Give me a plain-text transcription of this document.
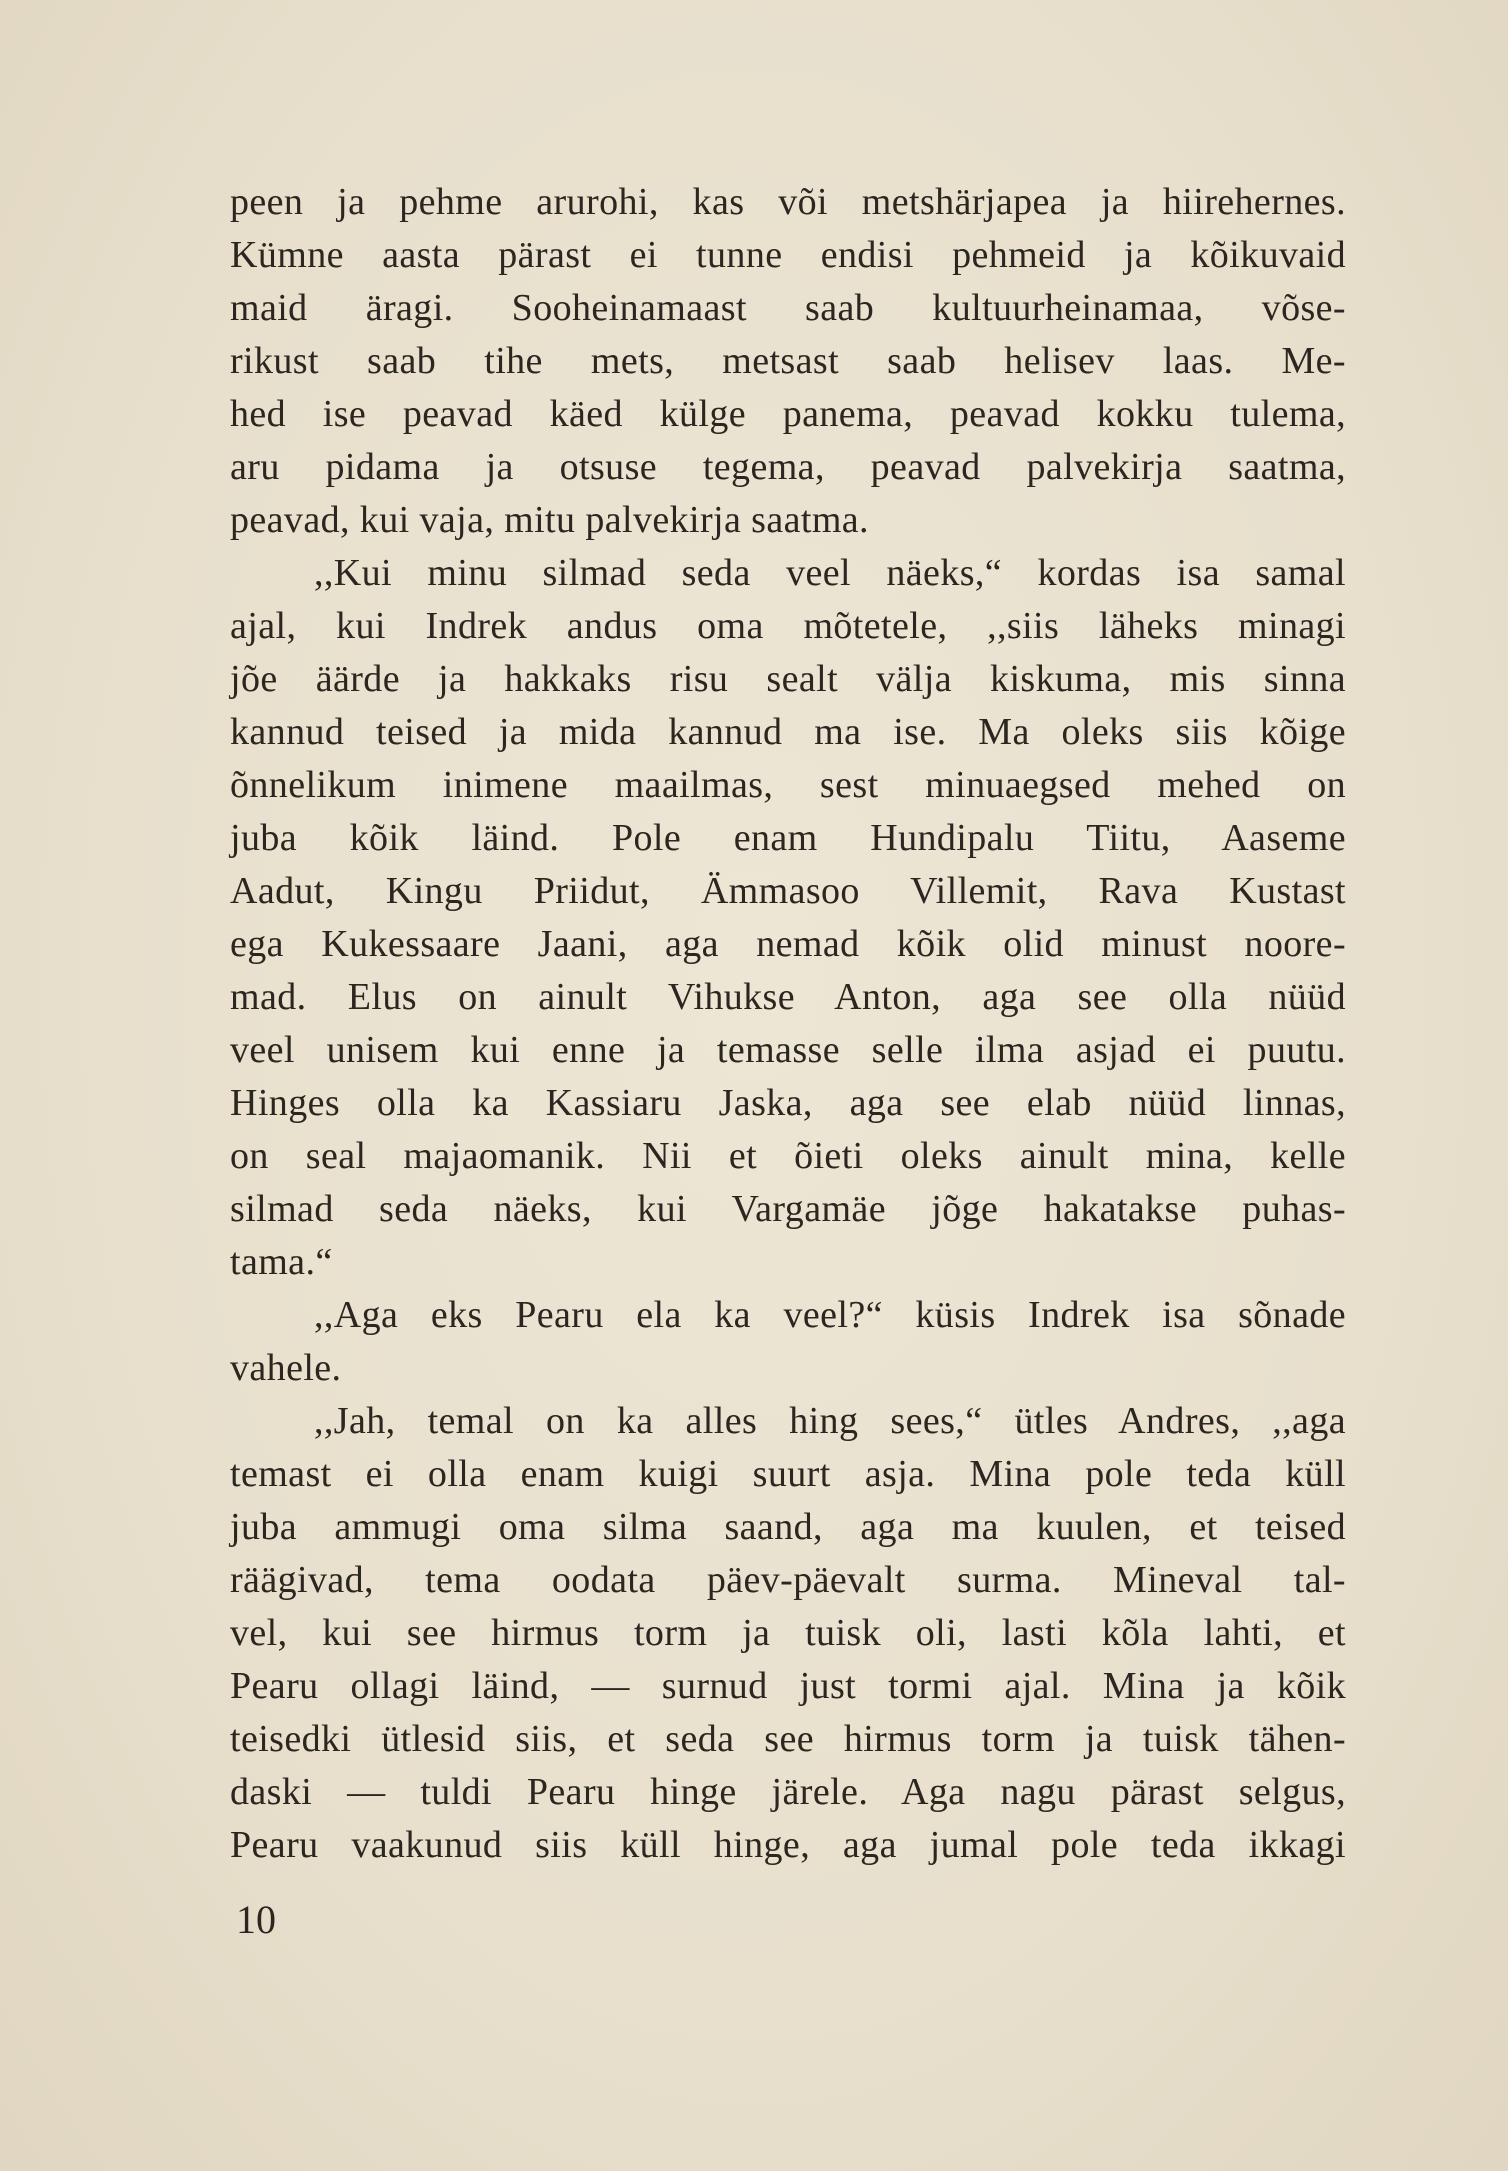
peen ja pehme arurohi, kas või metshärjapea ja hiirehernes.
Kümne aasta pärast ei tunne endisi pehmeid ja kõikuvaid
maid äragi. Sooheinamaast saab kultuurheinamaa, võse-
rikust saab tihe mets, metsast saab helisev laas. Me-
hed ise peavad käed külge panema, peavad kokku tulema,
aru pidama ja otsuse tegema, peavad palvekirja saatma,
peavad, kui vaja, mitu palvekirja saatma.
,,Kui minu silmad seda veel näeks,“ kordas isa samal
ajal, kui Indrek andus oma mõtetele, ,,siis läheks minagi
jõe äärde ja hakkaks risu sealt välja kiskuma, mis sinna
kannud teised ja mida kannud ma ise. Ma oleks siis kõige
õnnelikum inimene maailmas, sest minuaegsed mehed on
juba kõik läind. Pole enam Hundipalu Tiitu, Aaseme
Aadut, Kingu Priidut, Ämmasoo Villemit, Rava Kustast
ega Kukessaare Jaani, aga nemad kõik olid minust noore-
mad. Elus on ainult Vihukse Anton, aga see olla nüüd
veel unisem kui enne ja temasse selle ilma asjad ei puutu.
Hinges olla ka Kassiaru Jaska, aga see elab nüüd linnas,
on seal majaomanik. Nii et õieti oleks ainult mina, kelle
silmad seda näeks, kui Vargamäe jõge hakatakse puhas-
tama.“
,,Aga eks Pearu ela ka veel?“ küsis Indrek isa sõnade
vahele.
,,Jah, temal on ka alles hing sees,“ ütles Andres, ,,aga
temast ei olla enam kuigi suurt asja. Mina pole teda küll
juba ammugi oma silma saand, aga ma kuulen, et teised
räägivad, tema oodata päev-päevalt surma. Mineval tal-
vel, kui see hirmus torm ja tuisk oli, lasti kõla lahti, et
Pearu ollagi läind, — surnud just tormi ajal. Mina ja kõik
teisedki ütlesid siis, et seda see hirmus torm ja tuisk tähen-
daski — tuldi Pearu hinge järele. Aga nagu pärast selgus,
Pearu vaakunud siis küll hinge, aga jumal pole teda ikkagi
10
